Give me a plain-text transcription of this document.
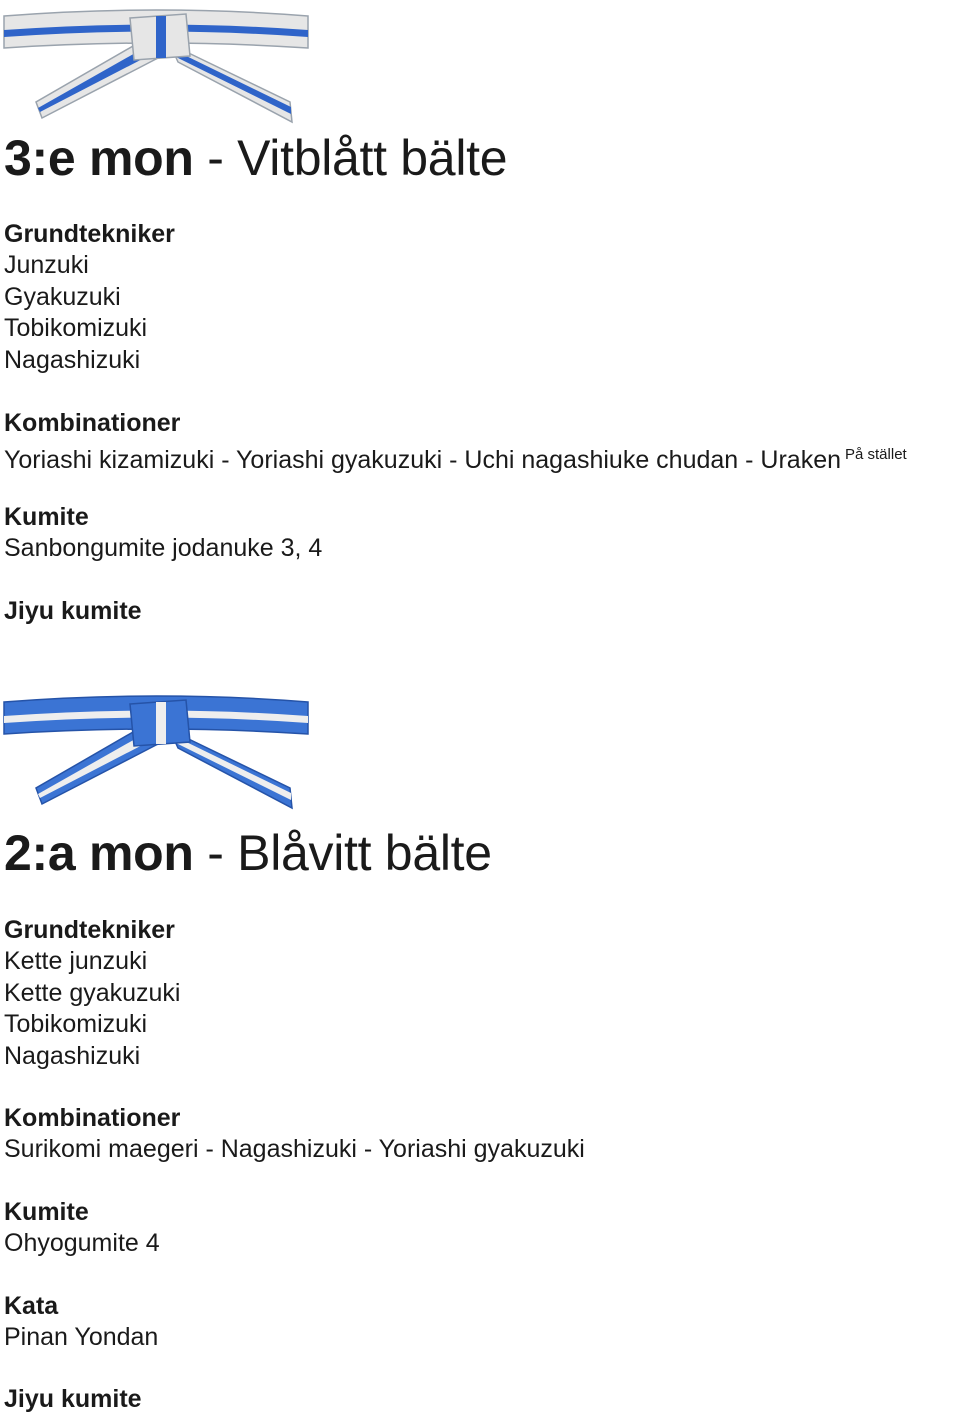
3:e mon - Vitblått bälte
Grundtekniker
Junzuki
Gyakuzuki
Tobikomizuki
Nagashizuki
Kombinationer
Yoriashi kizamizuki - Yoriashi gyakuzuki - Uchi nagashiuke chudan - Uraken $^{På stället}$
Kumite
Sanbongumite jodanuke 3, 4
Jiyu kumite
2:a mon - Blåvitt bälte
Grundtekniker
Kette junzuki
Kette gyakuzuki
Tobikomizuki
Nagashizuki
Kombinationer
Surikomi maegeri - Nagashizuki - Yoriashi gyakuzuki
Kumite
Ohyogumite 4
Kata
Pinan Yondan
Jiyu kumite
